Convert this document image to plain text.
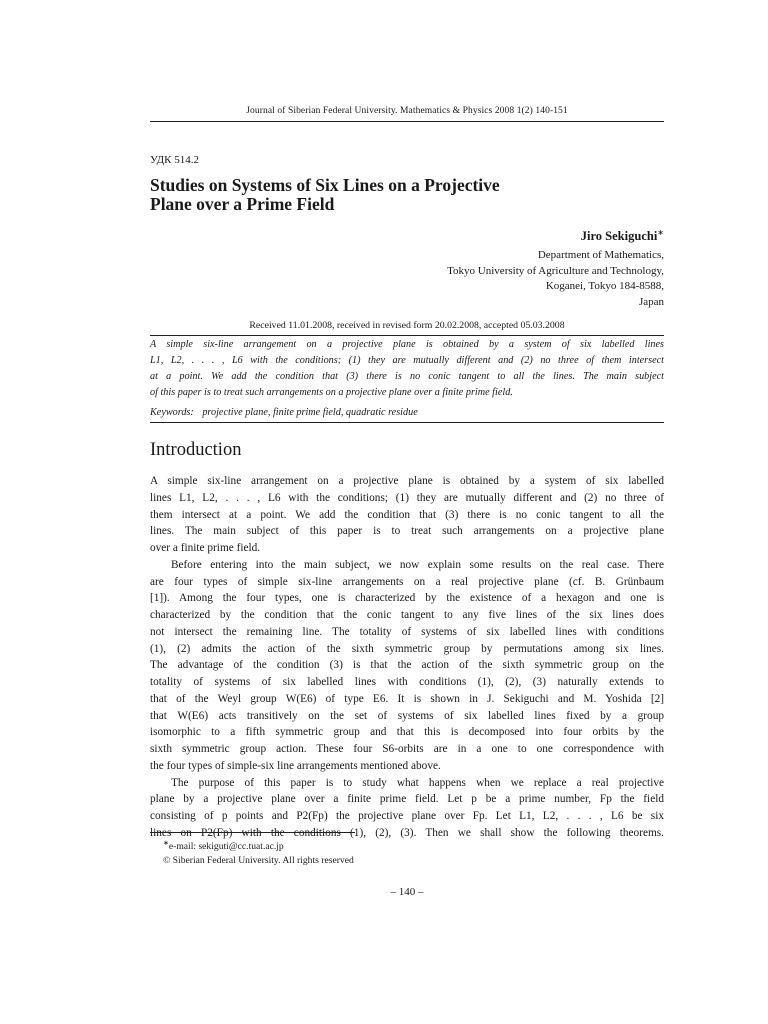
Journal of Siberian Federal University. Mathematics & Physics 2008 1(2) 140-151
УДК 514.2
Studies on Systems of Six Lines on a Projective
Plane over a Prime Field
Jiro Sekiguchi∗
Department of Mathematics,
Tokyo University of Agriculture and Technology,
Koganei, Tokyo 184-8588,
Japan
Received 11.01.2008, received in revised form 20.02.2008, accepted 05.03.2008
A simple six-line arrangement on a projective plane is obtained by a system of six labelled lines
L1, L2, . . . , L6 with the conditions; (1) they are mutually different and (2) no three of them intersect
at a point. We add the condition that (3) there is no conic tangent to all the lines. The main subject
of this paper is to treat such arrangements on a projective plane over a finite prime field.
Keywords: projective plane, finite prime field, quadratic residue
Introduction
A simple six-line arrangement on a projective plane is obtained by a system of six labelled
lines L1, L2, . . . , L6 with the conditions; (1) they are mutually different and (2) no three of
them intersect at a point. We add the condition that (3) there is no conic tangent to all the
lines. The main subject of this paper is to treat such arrangements on a projective plane
over a finite prime field.
Before entering into the main subject, we now explain some results on the real case. There
are four types of simple six-line arrangements on a real projective plane (cf. B. Grünbaum
[1]). Among the four types, one is characterized by the existence of a hexagon and one is
characterized by the condition that the conic tangent to any five lines of the six lines does
not intersect the remaining line. The totality of systems of six labelled lines with conditions
(1), (2) admits the action of the sixth symmetric group by permutations among six lines.
The advantage of the condition (3) is that the action of the sixth symmetric group on the
totality of systems of six labelled lines with conditions (1), (2), (3) naturally extends to
that of the Weyl group W(E6) of type E6. It is shown in J. Sekiguchi and M. Yoshida [2]
that W(E6) acts transitively on the set of systems of six labelled lines fixed by a group
isomorphic to a fifth symmetric group and that this is decomposed into four orbits by the
sixth symmetric group action. These four S6-orbits are in a one to one correspondence with
the four types of simple-six line arrangements mentioned above.
The purpose of this paper is to study what happens when we replace a real projective
plane by a projective plane over a finite prime field. Let p be a prime number, Fp the field
consisting of p points and P2(Fp) the projective plane over Fp. Let L1, L2, . . . , L6 be six
lines on P2(Fp) with the conditions (1), (2), (3). Then we shall show the following theorems.
∗e-mail: sekiguti@cc.tuat.ac.jp
© Siberian Federal University. All rights reserved
– 140 –
